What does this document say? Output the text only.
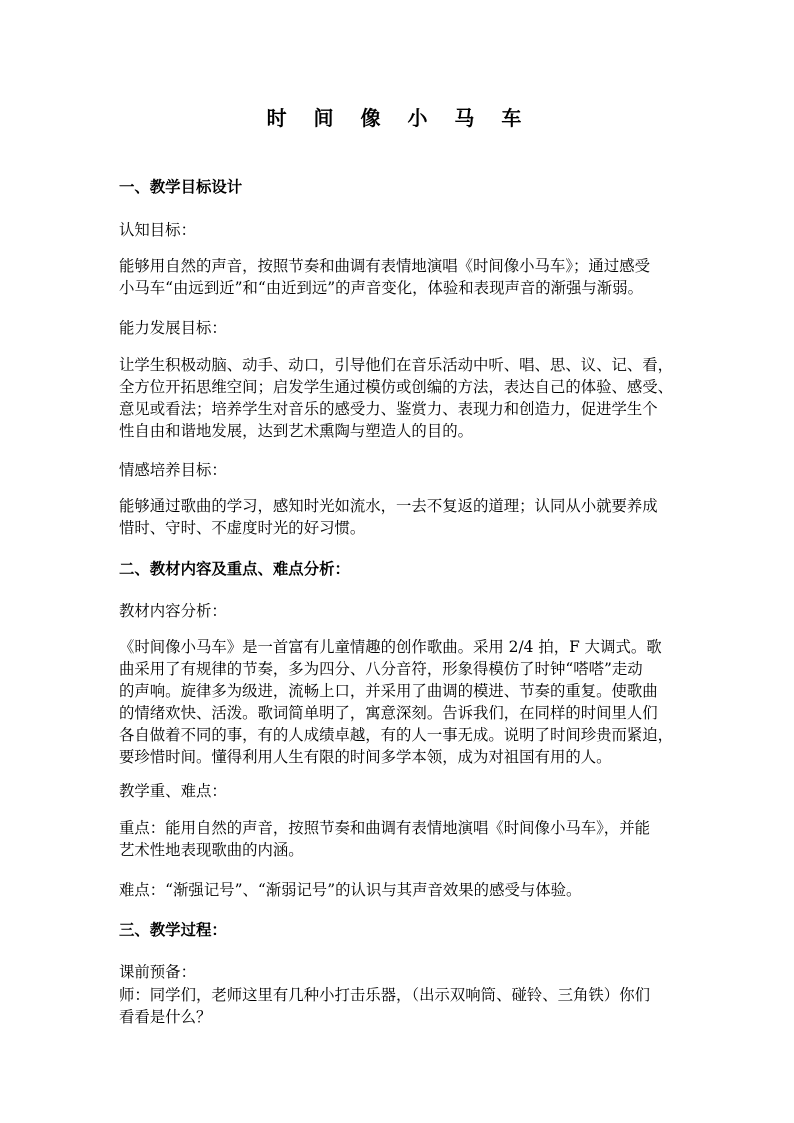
时 间 像 小 马 车

一、教学目标设计

认知目标：

能够用自然的声音，按照节奏和曲调有表情地演唱《时间像小马车》；通过感受
小马车“由远到近”和“由近到远”的声音变化，体验和表现声音的渐强与渐弱。

能力发展目标：

让学生积极动脑、动手、动口，引导他们在音乐活动中听、唱、思、议、记、看，
全方位开拓思维空间；启发学生通过模仿或创编的方法，表达自己的体验、感受、
意见或看法；培养学生对音乐的感受力、鉴赏力、表现力和创造力，促进学生个
性自由和谐地发展，达到艺术熏陶与塑造人的目的。

情感培养目标：

能够通过歌曲的学习，感知时光如流水，一去不复返的道理；认同从小就要养成
惜时、守时、不虚度时光的好习惯。

二、教材内容及重点、难点分析：

教材内容分析：

《时间像小马车》是一首富有儿童情趣的创作歌曲。采用 2/4 拍，F 大调式。歌
曲采用了有规律的节奏，多为四分、八分音符，形象得模仿了时钟“嗒嗒”走动
的声响。旋律多为级进，流畅上口，并采用了曲调的模进、节奏的重复。使歌曲
的情绪欢快、活泼。歌词简单明了，寓意深刻。告诉我们，在同样的时间里人们
各自做着不同的事，有的人成绩卓越，有的人一事无成。说明了时间珍贵而紧迫，
要珍惜时间。懂得利用人生有限的时间多学本领，成为对祖国有用的人。

教学重、难点：

重点：能用自然的声音，按照节奏和曲调有表情地演唱《时间像小马车》，并能
艺术性地表现歌曲的内涵。

难点：“渐强记号”、“渐弱记号”的认识与其声音效果的感受与体验。

三、教学过程：

课前预备：

师：同学们，老师这里有几种小打击乐器，（出示双响筒、碰铃、三角铁）你们
看看是什么？
